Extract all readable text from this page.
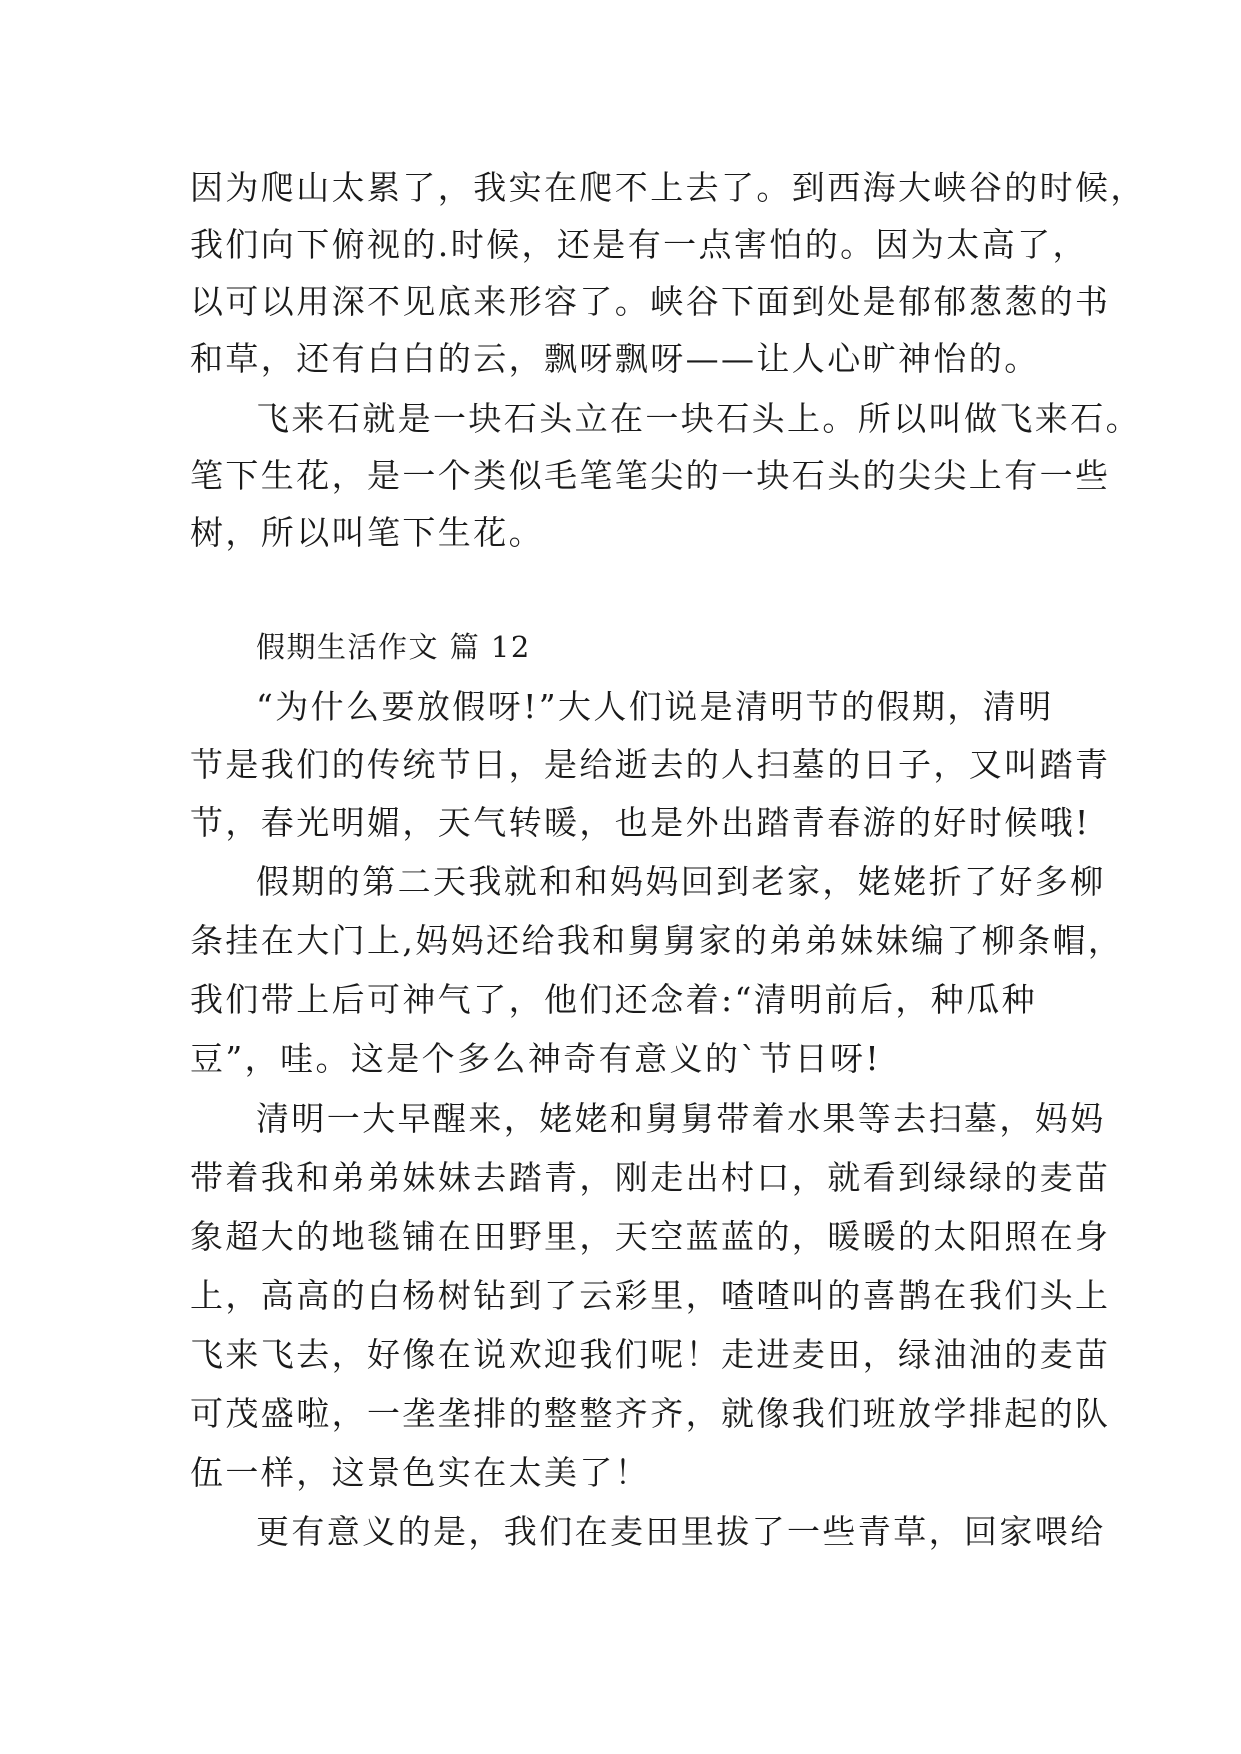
因为爬山太累了，我实在爬不上去了。到西海大峡谷的时候，
我们向下俯视的.时候，还是有一点害怕的。因为太高了，
以可以用深不见底来形容了。峡谷下面到处是郁郁葱葱的书
和草，还有白白的云，飘呀飘呀——让人心旷神怡的。
飞来石就是一块石头立在一块石头上。所以叫做飞来石。
笔下生花，是一个类似毛笔笔尖的一块石头的尖尖上有一些
树，所以叫笔下生花。
假期生活作文 篇 12
“为什么要放假呀!”大人们说是清明节的假期，清明
节是我们的传统节日，是给逝去的人扫墓的日子，又叫踏青
节，春光明媚，天气转暖，也是外出踏青春游的好时候哦!
假期的第二天我就和和妈妈回到老家，姥姥折了好多柳
条挂在大门上,妈妈还给我和舅舅家的弟弟妹妹编了柳条帽，
我们带上后可神气了，他们还念着:“清明前后，种瓜种
豆”，哇。这是个多么神奇有意义的`节日呀!
清明一大早醒来，姥姥和舅舅带着水果等去扫墓，妈妈
带着我和弟弟妹妹去踏青，刚走出村口，就看到绿绿的麦苗
象超大的地毯铺在田野里，天空蓝蓝的，暖暖的太阳照在身
上，高高的白杨树钻到了云彩里，喳喳叫的喜鹊在我们头上
飞来飞去，好像在说欢迎我们呢！走进麦田，绿油油的麦苗
可茂盛啦，一垄垄排的整整齐齐，就像我们班放学排起的队
伍一样，这景色实在太美了！
更有意义的是，我们在麦田里拔了一些青草，回家喂给
